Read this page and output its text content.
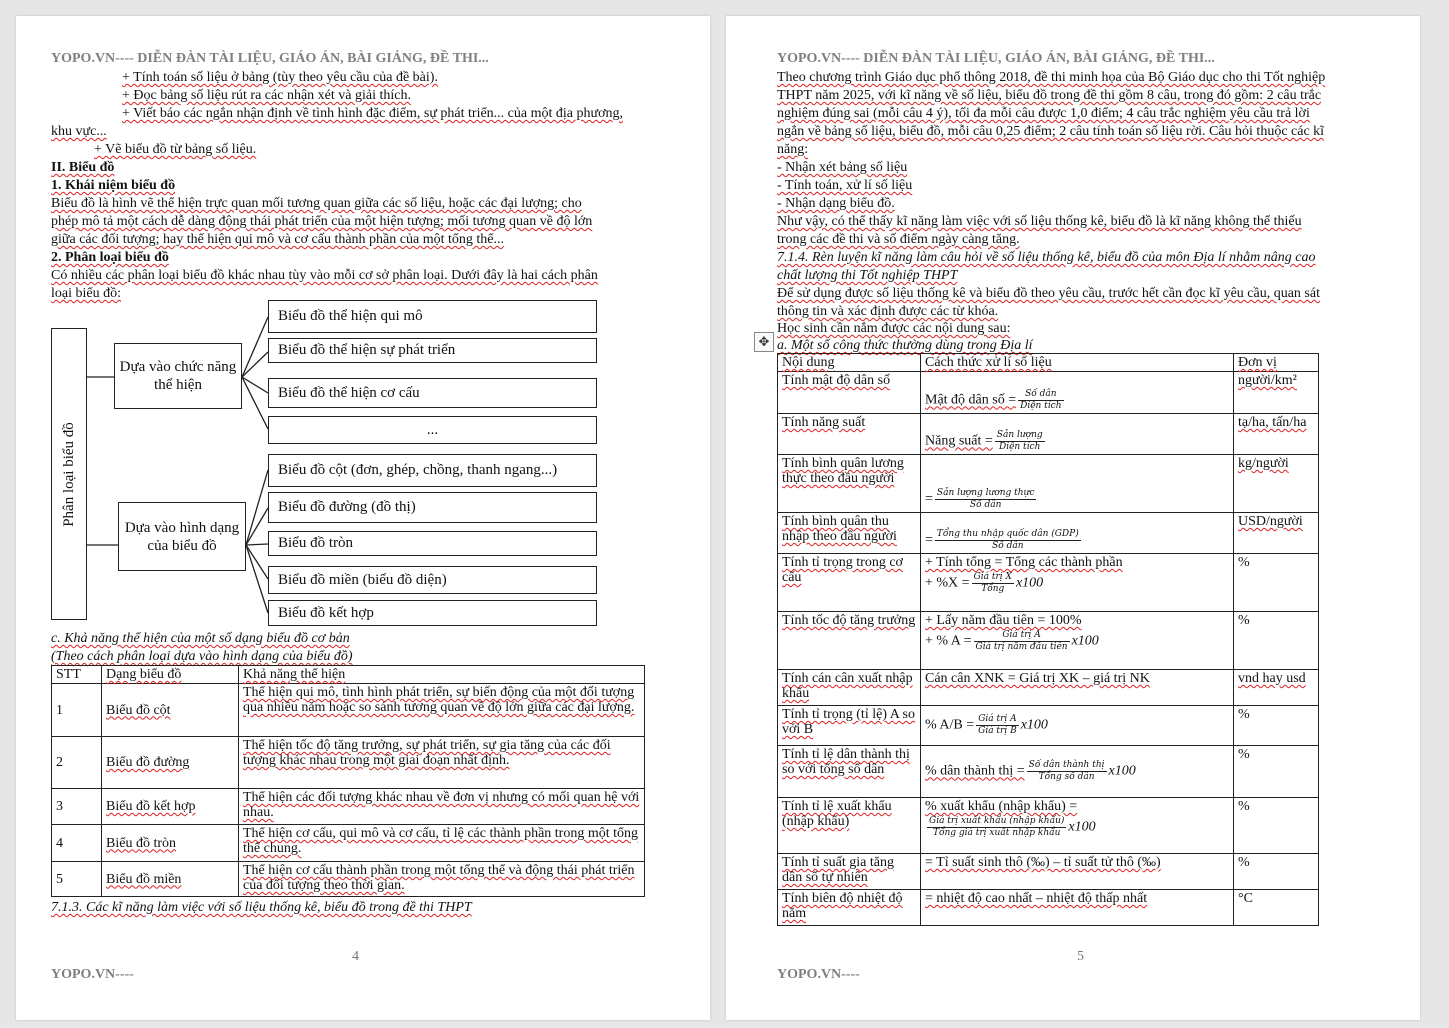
YOPO.VN---- DIỄN ĐÀN TÀI LIỆU, GIÁO ÁN, BÀI GIẢNG, ĐỀ THI...
+ Tính toán số liệu ở bảng (tùy theo yêu cầu của đề bài).
+ Đọc bảng số liệu rút ra các nhận xét và giải thích.
+ Viết báo các ngắn nhận định về tình hình đặc điểm, sự phát triển... của một địa phương,
khu vực...
+ Vẽ biểu đồ từ bảng số liệu.
II. Biểu đồ
1. Khái niệm biểu đồ
Biểu đồ là hình vẽ thể hiện trực quan mối tương quan giữa các số liệu, hoặc các đại lượng; cho
phép mô tả một cách dễ dàng động thái phát triển của một hiện tượng; mối tương quan về độ lớn
giữa các đối tượng; hay thể hiện qui mô và cơ cấu thành phần của một tổng thể...
2. Phân loại biểu đồ
Có nhiều các phân loại biểu đồ khác nhau tùy vào mỗi cơ sở phân loại. Dưới đây là hai cách phân
loại biểu đồ:
Phân loại biểu đồ
Dựa vào chức năng thể hiện
Dựa vào hình dạng của biểu đồ
Biểu đồ thể hiện qui mô
Biểu đồ thể hiện sự phát triển
Biểu đồ thể hiện cơ cấu
...
Biểu đồ cột (đơn, ghép, chồng, thanh ngang...)
Biểu đồ đường (đồ thị)
Biểu đồ tròn
Biểu đồ miền (biểu đồ diện)
Biểu đồ kết hợp
c. Khả năng thể hiện của một số dạng biểu đồ cơ bản
(Theo cách phân loại dựa vào hình dạng của biểu đồ)
STT	Dạng biểu đồ	Khả năng thể hiện
1	Biểu đồ cột	Thể hiện qui mô, tình hình phát triển, sự biến động của một đối tượng qua nhiều năm hoặc so sánh tương quan về độ lớn giữa các đại lượng.
2	Biểu đồ đường	Thể hiện tốc độ tăng trưởng, sự phát triển, sự gia tăng của các đối tượng khác nhau trong một giai đoạn nhất định.
3	Biểu đồ kết hợp	Thể hiện các đối tượng khác nhau về đơn vị nhưng có mối quan hệ với nhau.
4	Biểu đồ tròn	Thể hiện cơ cấu, qui mô và cơ cấu, tỉ lệ các thành phần trong một tổng thể chung.
5	Biểu đồ miền	Thể hiện cơ cấu thành phần trong một tổng thể và động thái phát triển của đối tượng theo thời gian.
7.1.3. Các kĩ năng làm việc với số liệu thống kê, biểu đồ trong đề thi THPT
4
YOPO.VN----
YOPO.VN---- DIỄN ĐÀN TÀI LIỆU, GIÁO ÁN, BÀI GIẢNG, ĐỀ THI...
Theo chương trình Giáo dục phổ thông 2018, đề thi minh họa của Bộ Giáo dục cho thi Tốt nghiệp
THPT năm 2025, với kĩ năng về số liệu, biểu đồ trong đề thi gồm 8 câu, trong đó gồm: 2 câu trắc
nghiệm đúng sai (mỗi câu 4 ý), tối đa mỗi câu được 1,0 điểm; 4 câu trắc nghiệm yêu cầu trả lời
ngắn về bảng số liệu, biểu đồ, mỗi câu 0,25 điểm; 2 câu tính toán số liệu rời. Câu hỏi thuộc các kĩ
năng:
- Nhận xét bảng số liệu
- Tính toán, xử lí số liệu
- Nhận dạng biểu đồ.
Như vậy, có thể thấy kĩ năng làm việc với số liệu thống kê, biểu đồ là kĩ năng không thể thiếu
trong các đề thi và số điểm ngày càng tăng.
7.1.4. Rèn luyện kĩ năng làm câu hỏi về số liệu thống kê, biểu đồ của môn Địa lí nhằm nâng cao
chất lượng thi Tốt nghiệp THPT
Để sử dụng được số liệu thống kê và biểu đồ theo yêu cầu, trước hết cần đọc kĩ yêu cầu, quan sát
thông tin và xác định được các từ khóa.
Học sinh cần nắm được các nội dung sau:
a. Một số công thức thường dùng trong Địa lí
Nội dung	Cách thức xử lí số liệu	Đơn vị
Tính mật độ dân số	Mật độ dân số = $\frac{\text{Số dân}}{\text{Diện tích}}$	người/km²
Tính năng suất	Năng suất = $\frac{\text{Sản lượng}}{\text{Diện tích}}$	tạ/ha, tấn/ha
Tính bình quân lương thực theo đầu người	= $\frac{\text{Sản lượng lương thực}}{\text{Số dân}}$	kg/người
Tính bình quân thu nhập theo đầu người	= $\frac{\text{Tổng thu nhập quốc dân (GDP)}}{\text{Số dân}}$	USD/người
Tính tỉ trọng trong cơ cấu	+ Tính tổng = Tổng các thành phần
+ $\%X = \frac{\text{Giá trị X}}{\text{Tổng}} x100$	%
Tính tốc độ tăng trưởng	+ Lấy năm đầu tiên = 100%
+ % $A = \frac{\text{Giá trị A}}{\text{Giá trị năm đầu tiên}} x100$	%
Tính cán cân xuất nhập khẩu	Cán cân XNK = Giá trị XK – giá trị NK	vnd hay usd
Tính tỉ trọng (tỉ lệ) A so với B	% $A/B = \frac{\text{Giá trị A}}{\text{Giá trị B}} x100$	%
Tính tỉ lệ dân thành thị so với tổng số dân	% dân thành thị = $\frac{\text{Số dân thành thị}}{\text{Tổng số dân}} x100$	%
Tính tỉ lệ xuất khẩu (nhập khẩu)	% xuất khẩu (nhập khẩu) =
$\frac{\text{Giá trị xuất khẩu (nhập khẩu)}}{\text{Tổng giá trị xuất nhập khẩu}} x100$	%
Tính tỉ suất gia tăng dân số tự nhiên	= Tỉ suất sinh thô (‰) – tỉ suất tử thô (‰)	%
Tính biên độ nhiệt độ năm	= nhiệt độ cao nhất – nhiệt độ thấp nhất	°C
5
YOPO.VN----
✥
